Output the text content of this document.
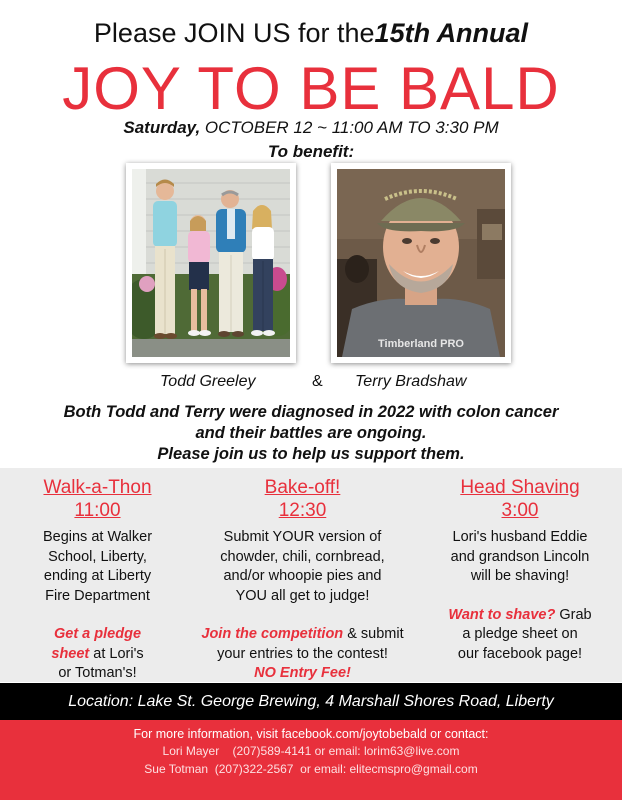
Please JOIN US for the15th Annual
JOY TO BE BALD
Saturday, OCTOBER 12 ~ 11:00 AM TO 3:30 PM
To benefit:
Timberland PRO
Todd Greeley	& Terry Bradshaw
Both Todd and Terry were diagnosed in 2022 with colon cancer
and their battles are ongoing.
Please join us to help us support them.
Walk-a-Thon
11:00
Begins at Walker
School, Liberty,
ending at Liberty
Fire Department
Get a pledge
sheet at Lori's
or Totman's!
Bake-off!
12:30
Submit YOUR version of
chowder, chili, cornbread,
and/or whoopie pies and
YOU all get to judge!
Join the competition & submit
your entries to the contest!
NO Entry Fee!
Head Shaving
3:00
Lori's husband Eddie
and grandson Lincoln
will be shaving!
Want to shave? Grab
a pledge sheet on
our facebook page!
Location: Lake St. George Brewing, 4 Marshall Shores Road, Liberty
For more information, visit facebook.com/joytobebald or contact:
Lori Mayer    (207)589-4141 or email: lorim63@live.com
Sue Totman  (207)322-2567  or email: elitecmspro@gmail.com
